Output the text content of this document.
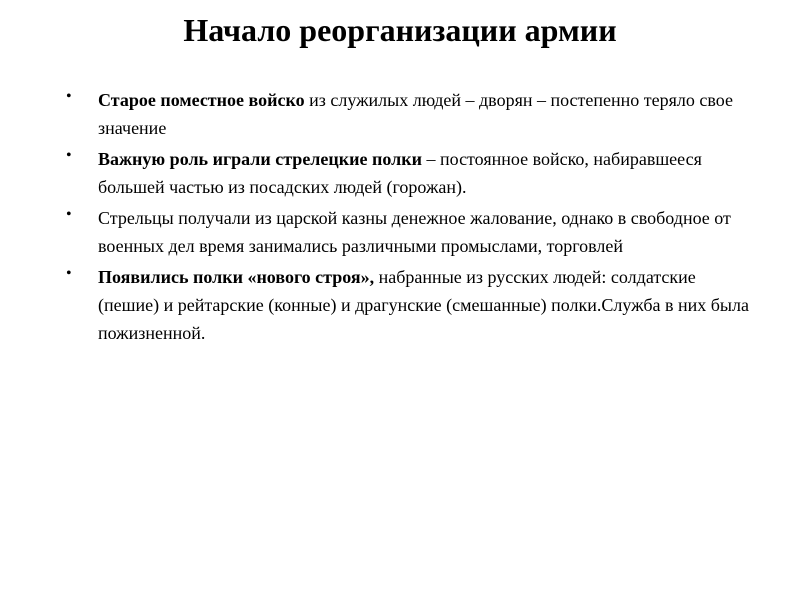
Начало реорганизации армии
• Старое поместное войско из служилых людей – дворян – постепенно теряло свое значение
• Важную роль играли стрелецкие полки – постоянное войско, набиравшееся большей частью из посадских людей (горожан).
• Стрельцы получали из царской казны денежное жалование, однако в свободное от военных дел время занимались различными промыслами, торговлей
• Появились полки «нового строя», набранные из русских людей: солдатские (пешие) и рейтарские (конные) и драгунские (смешанные) полки.Служба в них была пожизненной.
